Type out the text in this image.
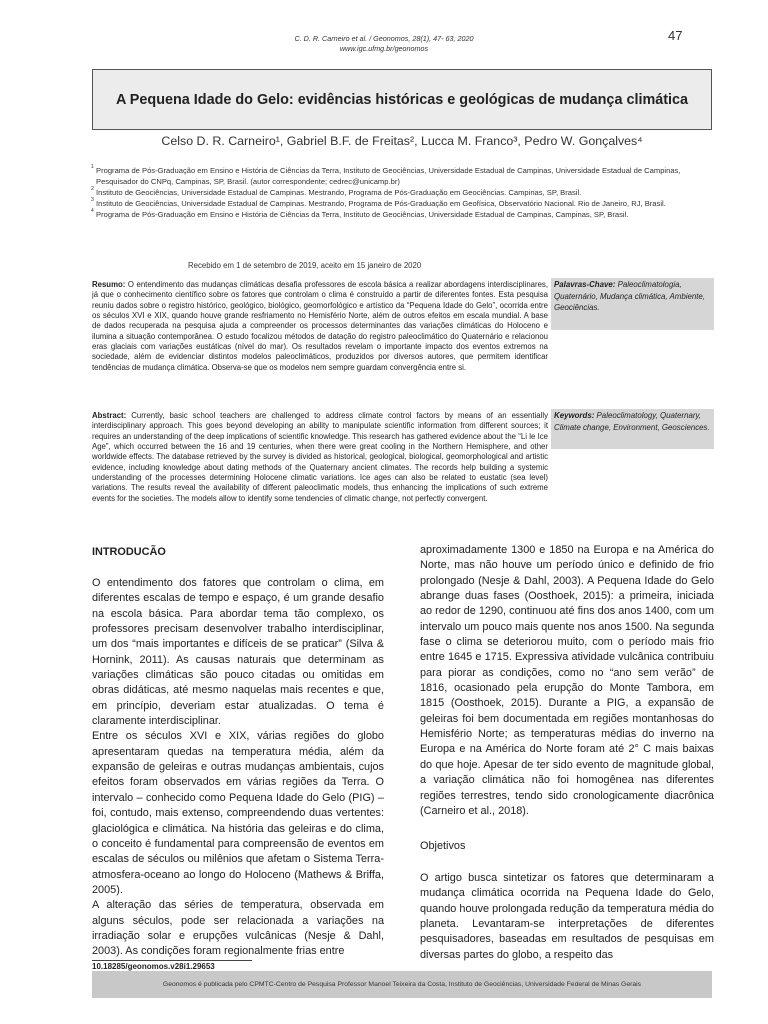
C. D. R. Carneiro et al. / Geonomos, 28(1), 47- 63, 2020
www.igc.ufmg.br/geonomos
47
A Pequena Idade do Gelo: evidências históricas e geológicas de mudança climática
Celso D. R. Carneiro¹, Gabriel B.F. de Freitas², Lucca M. Franco³, Pedro W. Gonçalves⁴
1 Programa de Pós-Graduação em Ensino e História de Ciências da Terra, Instituto de Geociências, Universidade Estadual de Campinas, Universidade Estadual de Campinas, Pesquisador do CNPq, Campinas, SP, Brasil. (autor correspondente; cedrec@unicamp.br)
2 Instituto de Geociências, Universidade Estadual de Campinas. Mestrando, Programa de Pós-Graduação em Geociências. Campinas, SP, Brasil.
3 Instituto de Geociências, Universidade Estadual de Campinas. Mestrando, Programa de Pós-Graduação em Geofísica, Observatório Nacional. Rio de Janeiro, RJ, Brasil.
4 Programa de Pós-Graduação em Ensino e História de Ciências da Terra, Instituto de Geociências, Universidade Estadual de Campinas, Campinas, SP, Brasil.
Recebido em 1 de setembro de 2019, aceito em 15 janeiro de 2020
Resumo: O entendimento das mudanças climáticas desafia professores de escola básica a realizar abordagens interdisciplinares, já que o conhecimento científico sobre os fatores que controlam o clima é construído a partir de diferentes fontes. Esta pesquisa reuniu dados sobre o registro histórico, geológico, biológico, geomorfológico e artístico da “Pequena Idade do Gelo”, ocorrida entre os séculos XVI e XIX, quando houve grande resfriamento no Hemisfério Norte, além de outros efeitos em escala mundial. A base de dados recuperada na pesquisa ajuda a compreender os processos determinantes das variações climáticas do Holoceno e ilumina a situação contemporânea. O estudo focalizou métodos de datação do registro paleoclimático do Quaternário e relacionou eras glaciais com variações eustáticas (nível do mar). Os resultados revelam o importante impacto dos eventos extremos na sociedade, além de evidenciar distintos modelos paleoclimáticos, produzidos por diversos autores, que permitem identificar tendências de mudança climática. Observa-se que os modelos nem sempre guardam convergência entre si.
Palavras-Chave: Paleoclimatologia, Quaternário, Mudança climática, Ambiente, Geociências.
Abstract: Currently, basic school teachers are challenged to address climate control factors by means of an essentially interdisciplinary approach. This goes beyond developing an ability to manipulate scientific information from different sources; it requires an understanding of the deep implications of scientific knowledge. This research has gathered evidence about the “Li le Ice Age”, which occurred between the 16 and 19 centuries, when there were great cooling in the Northern Hemisphere, and other worldwide effects. The database retrieved by the survey is divided as historical, geological, biological, geomorphological and artistic evidence, including knowledge about dating methods of the Quaternary ancient climates. The records help building a systemic understanding of the processes determining Holocene climatic variations. Ice ages can also be related to eustatic (sea level) variations. The results reveal the availability of different paleoclimatic models, thus enhancing the implications of such extreme events for the societies. The models allow to identify some tendencies of climatic change, not perfectly convergent.
Keywords: Paleoclimatology, Quaternary, Climate change, Environment, Geosciences.
INTRODUCÃO

O entendimento dos fatores que controlam o clima, em diferentes escalas de tempo e espaço, é um grande desafio na escola básica. Para abordar tema tão complexo, os professores precisam desenvolver trabalho interdisciplinar, um dos “mais importantes e difíceis de se praticar” (Silva & Hornink, 2011). As causas naturais que determinam as variações climáticas são pouco citadas ou omitidas em obras didáticas, até mesmo naquelas mais recentes e que, em princípio, deveriam estar atualizadas. O tema é claramente interdisciplinar.

Entre os séculos XVI e XIX, várias regiões do globo apresentaram quedas na temperatura média, além da expansão de geleiras e outras mudanças ambientais, cujos efeitos foram observados em várias regiões da Terra. O intervalo – conhecido como Pequena Idade do Gelo (PIG) – foi, contudo, mais extenso, compreendendo duas vertentes: glaciológica e climática. Na história das geleiras e do clima, o conceito é fundamental para compreensão de eventos em escalas de séculos ou milênios que afetam o Sistema Terra-atmosfera-oceano ao longo do Holoceno (Mathews & Briffa, 2005).

A alteração das séries de temperatura, observada em alguns séculos, pode ser relacionada a variações na irradiação solar e erupções vulcânicas (Nesje & Dahl, 2003). As condições foram regionalmente frias entre

aproximadamente 1300 e 1850 na Europa e na América do Norte, mas não houve um período único e definido de frio prolongado (Nesje & Dahl, 2003). A Pequena Idade do Gelo abrange duas fases (Oosthoek, 2015): a primeira, iniciada ao redor de 1290, continuou até fins dos anos 1400, com um intervalo um pouco mais quente nos anos 1500. Na segunda fase o clima se deteriorou muito, com o período mais frio entre 1645 e 1715. Expressiva atividade vulcânica contribuiu para piorar as condições, como no “ano sem verão” de 1816, ocasionado pela erupção do Monte Tambora, em 1815 (Oosthoek, 2015). Durante a PIG, a expansão de geleiras foi bem documentada em regiões montanhosas do Hemisfério Norte; as temperaturas médias do inverno na Europa e na América do Norte foram até 2° C mais baixas do que hoje. Apesar de ter sido evento de magnitude global, a variação climática não foi homogênea nas diferentes regiões terrestres, tendo sido cronologicamente diacrônica (Carneiro et al., 2018).

Objetivos

O artigo busca sintetizar os fatores que determinaram a mudança climática ocorrida na Pequena Idade do Gelo, quando houve prolongada redução da temperatura média do planeta. Levantaram-se interpretações de diferentes pesquisadores, baseadas em resultados de pesquisas em diversas partes do globo, a respeito das

10.18285/geonomos.v28i1.29653
Geonomos é publicada pelo CPMTC-Centro de Pesquisa Professor Manoel Teixeira da Costa, Instituto de Geociências, Universidade Federal de Minas Gerais
